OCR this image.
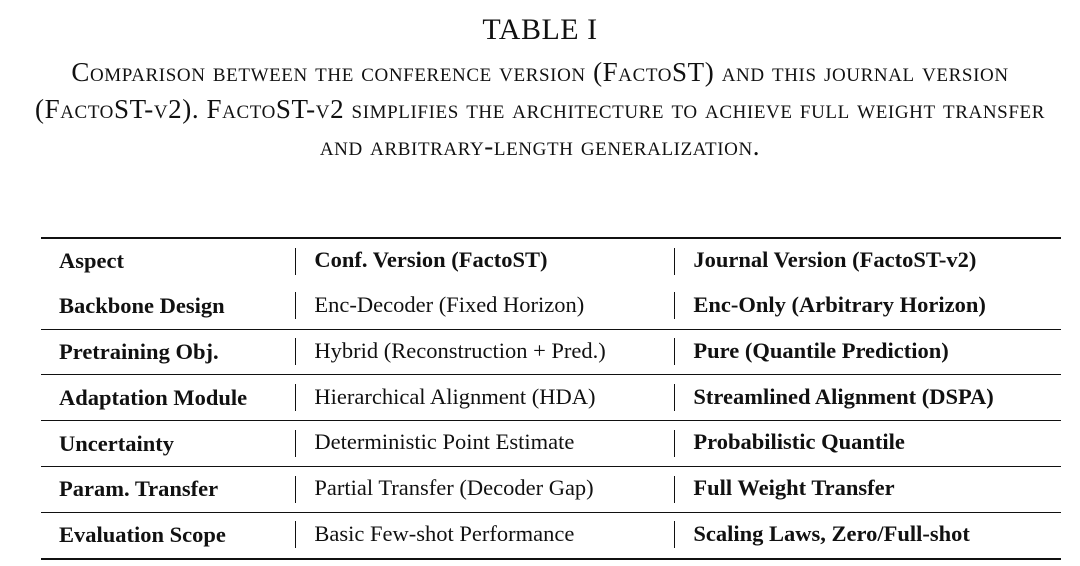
TABLE I
Comparison between the conference version (FactoST) and this journal version (FactoST-v2). FactoST-v2 simplifies the architecture to achieve full weight transfer and arbitrary-length generalization.
Aspect	Conf. Version (FactoST)	Journal Version (FactoST-v2)
Backbone Design	Enc-Decoder (Fixed Horizon)	Enc-Only (Arbitrary Horizon)
Pretraining Obj.	Hybrid (Reconstruction + Pred.)	Pure (Quantile Prediction)
Adaptation Module	Hierarchical Alignment (HDA)	Streamlined Alignment (DSPA)
Uncertainty	Deterministic Point Estimate	Probabilistic Quantile
Param. Transfer	Partial Transfer (Decoder Gap)	Full Weight Transfer
Evaluation Scope	Basic Few-shot Performance	Scaling Laws, Zero/Full-shot
